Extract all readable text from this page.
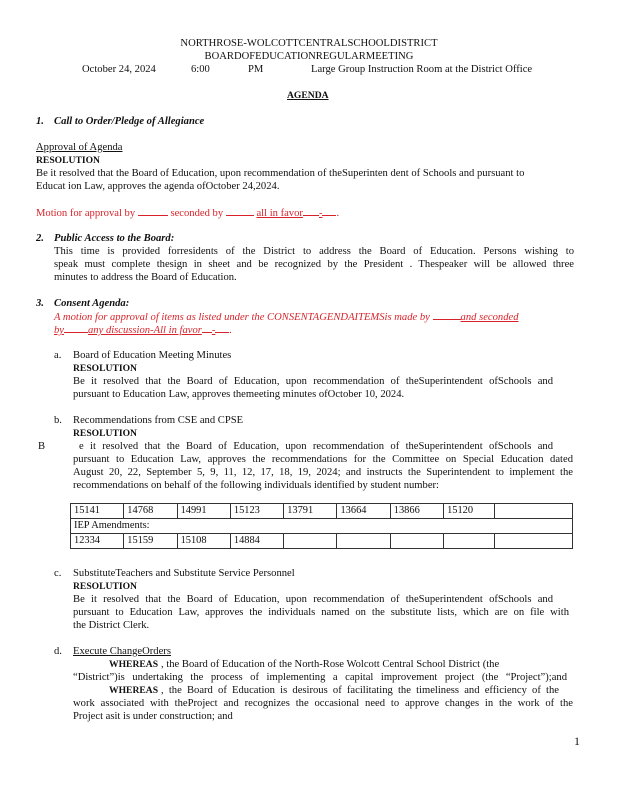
NORTHROSE-WOLCOTTCENTRALSCHOOLDISTRICT
BOARDOFEDUCATIONREGULARMEETING
October 24, 2024	6:00	PM	Large Group Instruction Room at the District Office
AGENDA
1. Call to Order/Pledge of Allegiance
Approval of Agenda
RESOLUTION
Be it resolved that the Board of Education, upon recommendation of theSuperinten dent of Schools and pursuant to
Educat ion Law, approves the agenda ofOctober 24,2024.
Motion for approval by	seconded by	all in favor - .
2. Public Access to the Board:
This time is provided forresidents of the District to address the Board of Education. Persons wishing to
speak must complete thesign in sheet and be recognized by the President . Thespeaker will be allowed three
minutes to address the Board of Education.
3. Consent Agenda:
A motion for approval of items as listed under the CONSENTAGENDAITEMSis made by	and seconded
by any discussion-All in favor - .
a. Board of Education Meeting Minutes
RESOLUTION
Be it resolved that the Board of Education, upon recommendation of theSuperintendent ofSchools and
pursuant to Education Law, approves themeeting minutes ofOctober 10, 2024.
b. Recommendations from CSE and CPSE
RESOLUTION
B	e it resolved that the Board of Education, upon recommendation of theSuperintendent ofSchools and
pursuant to Education Law, approves the recommendations for the Committee on Special Education dated
August 20, 22, September 5, 9, 11, 12, 17, 18, 19, 2024; and instructs the Superintendent to implement the
recommendations on behalf of the following individuals identified by student number:
15141	14768	14991	15123	13791	13664	13866	15120	
IEP Amendments:								
12334	15159	15108	14884					
c. SubstituteTeachers and Substitute Service Personnel
RESOLUTION
Be it resolved that the Board of Education, upon recommendation of theSuperintendent ofSchools and
pursuant to Education Law, approves the individuals named on the substitute lists, which are on file with
the District Clerk.
d. Execute ChangeOrders
WHEREAS , the Board of Education of the North-Rose Wolcott Central School District (the
“District”)is undertaking the process of implementing a capital improvement project (the “Project”);and
WHEREAS , the Board of Education is desirous of facilitating the timeliness and efficiency of the
work associated with theProject and recognizes the occasional need to approve changes in the work of the
Project asit is under construction; and
1
